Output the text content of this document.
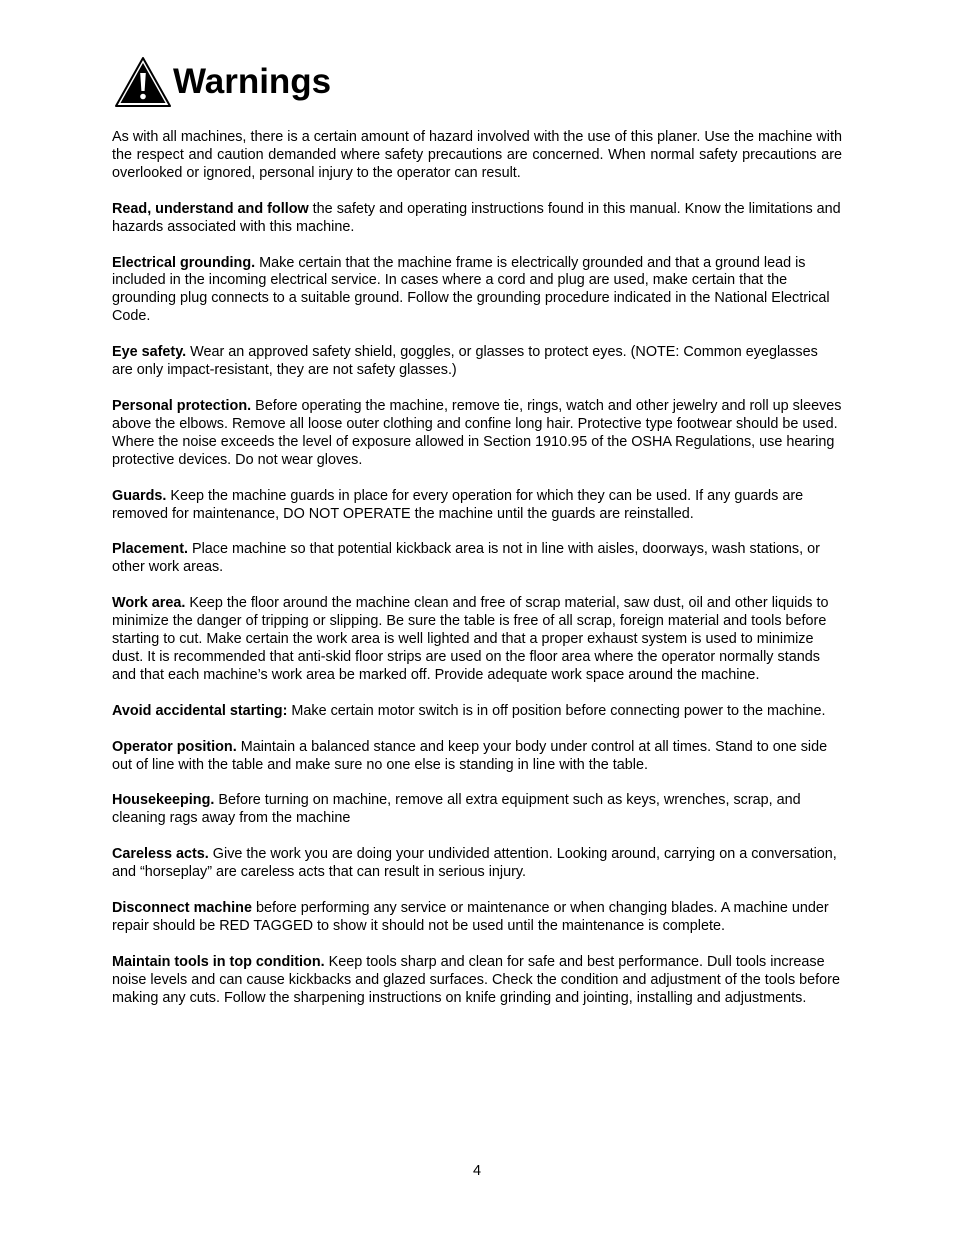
Warnings

As with all machines, there is a certain amount of hazard involved with the use of this planer. Use the machine with the respect and caution demanded where safety precautions are concerned. When normal safety precautions are overlooked or ignored, personal injury to the operator can result.

Read, understand and follow the safety and operating instructions found in this manual. Know the limitations and hazards associated with this machine.

Electrical grounding. Make certain that the machine frame is electrically grounded and that a ground lead is included in the incoming electrical service. In cases where a cord and plug are used, make certain that the grounding plug connects to a suitable ground. Follow the grounding procedure indicated in the National Electrical Code.

Eye safety. Wear an approved safety shield, goggles, or glasses to protect eyes. (NOTE: Common eyeglasses are only impact-resistant, they are not safety glasses.)

Personal protection. Before operating the machine, remove tie, rings, watch and other jewelry and roll up sleeves above the elbows. Remove all loose outer clothing and confine long hair. Protective type footwear should be used. Where the noise exceeds the level of exposure allowed in Section 1910.95 of the OSHA Regulations, use hearing protective devices. Do not wear gloves.

Guards. Keep the machine guards in place for every operation for which they can be used. If any guards are removed for maintenance, DO NOT OPERATE the machine until the guards are reinstalled.

Placement. Place machine so that potential kickback area is not in line with aisles, doorways, wash stations, or other work areas.

Work area. Keep the floor around the machine clean and free of scrap material, saw dust, oil and other liquids to minimize the danger of tripping or slipping. Be sure the table is free of all scrap, foreign material and tools before starting to cut. Make certain the work area is well lighted and that a proper exhaust system is used to minimize dust. It is recommended that anti-skid floor strips are used on the floor area where the operator normally stands and that each machine’s work area be marked off. Provide adequate work space around the machine.

Avoid accidental starting: Make certain motor switch is in off position before connecting power to the machine.

Operator position. Maintain a balanced stance and keep your body under control at all times. Stand to one side out of line with the table and make sure no one else is standing in line with the table.

Housekeeping. Before turning on machine, remove all extra equipment such as keys, wrenches, scrap, and cleaning rags away from the machine

Careless acts. Give the work you are doing your undivided attention. Looking around, carrying on a conversation, and “horseplay” are careless acts that can result in serious injury.

Disconnect machine before performing any service or maintenance or when changing blades. A machine under repair should be RED TAGGED to show it should not be used until the maintenance is complete.

Maintain tools in top condition. Keep tools sharp and clean for safe and best performance. Dull tools increase noise levels and can cause kickbacks and glazed surfaces. Check the condition and adjustment of the tools before making any cuts. Follow the sharpening instructions on knife grinding and jointing, installing and adjustments.

4
